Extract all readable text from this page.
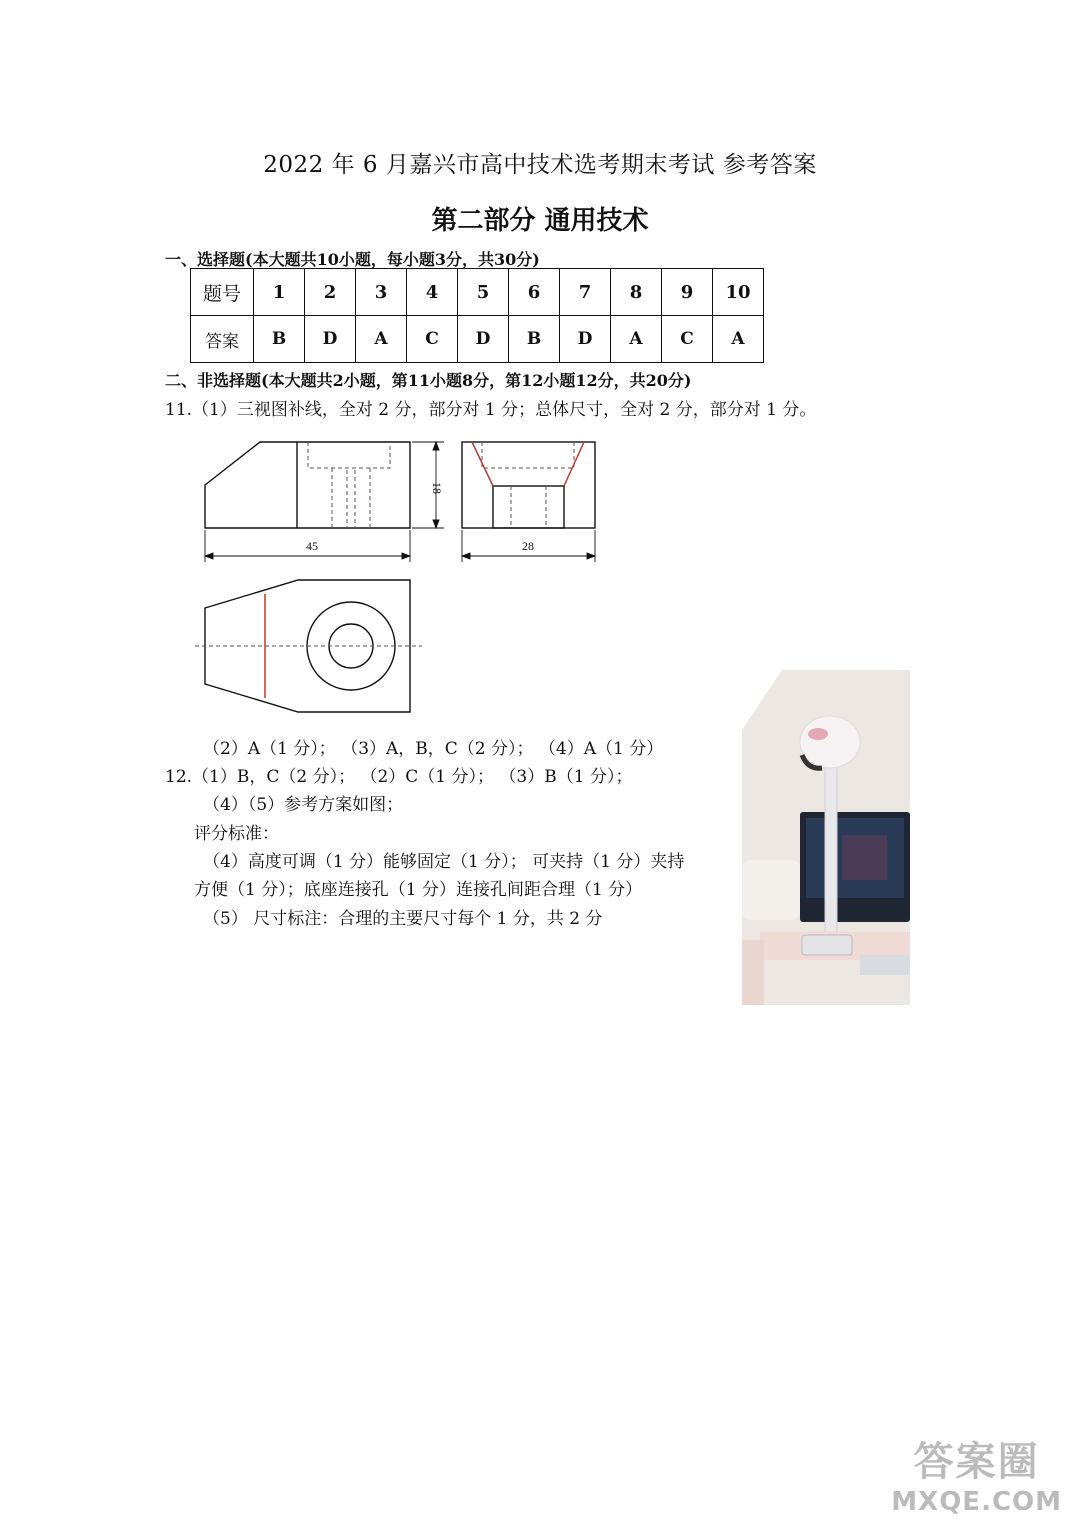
2022 年 6 月嘉兴市高中技术选考期末考试 参考答案
第二部分 通用技术
一、选择题(本大题共10小题，每小题3分，共30分)
题号	1	2	3	4	5	6	7	8	9	10
答案	B	D	A	C	D	B	D	A	C	A
二、非选择题(本大题共2小题，第11小题8分，第12小题12分，共20分)
11.（1）三视图补线，全对 2 分，部分对 1 分；总体尺寸，全对 2 分，部分对 1 分。
18
45	28
（2）A（1 分）； （3）A，B，C（2 分）； （4）A（1 分）
12.（1）B，C（2 分）； （2）C（1 分）； （3）B（1 分）；
（4）（5）参考方案如图；
评分标准：
（4）高度可调（1 分）能够固定（1 分）； 可夹持（1 分）夹持
方便（1 分）；底座连接孔（1 分）连接孔间距合理（1 分）
（5） 尺寸标注：合理的主要尺寸每个 1 分，共 2 分
答案圈
MXQE.COM
